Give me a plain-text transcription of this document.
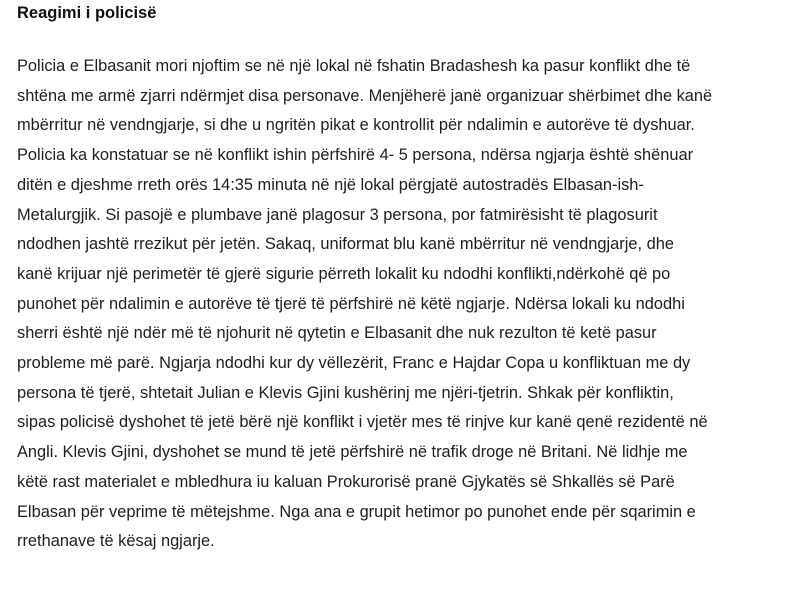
Reagimi i policisë

Policia e Elbasanit mori njoftim se në një lokal në fshatin Bradashesh ka pasur konflikt dhe të
shtëna me armë zjarri ndërmjet disa personave. Menjëherë janë organizuar shërbimet dhe kanë
mbërritur në vendngjarje, si dhe u ngritën pikat e kontrollit për ndalimin e autorëve të dyshuar.
Policia ka konstatuar se në konflikt ishin përfshirë 4- 5 persona, ndërsa ngjarja është shënuar
ditën e djeshme rreth orës 14:35 minuta në një lokal përgjatë autostradës Elbasan-ish-
Metalurgjik. Si pasojë e plumbave janë plagosur 3 persona, por fatmirësisht të plagosurit
ndodhen jashtë rrezikut për jetën. Sakaq, uniformat blu kanë mbërritur në vendngjarje, dhe
kanë krijuar një perimetër të gjerë sigurie përreth lokalit ku ndodhi konflikti,ndërkohë që po
punohet për ndalimin e autorëve të tjerë të përfshirë në këtë ngjarje. Ndërsa lokali ku ndodhi
sherri është një ndër më të njohurit në qytetin e Elbasanit dhe nuk rezulton të ketë pasur
probleme më parë. Ngjarja ndodhi kur dy vëllezërit, Franc e Hajdar Copa u konfliktuan me dy
persona të tjerë, shtetait Julian e Klevis Gjini kushërinj me njëri-tjetrin. Shkak për konfliktin,
sipas policisë dyshohet të jetë bërë një konflikt i vjetër mes të rinjve kur kanë qenë rezidentë në
Angli. Klevis Gjini, dyshohet se mund të jetë përfshirë në trafik droge në Britani. Në lidhje me
këtë rast materialet e mbledhura iu kaluan Prokurorisë pranë Gjykatës së Shkallës së Parë
Elbasan për veprime të mëtejshme. Nga ana e grupit hetimor po punohet ende për sqarimin e
rrethanave të kësaj ngjarje.
